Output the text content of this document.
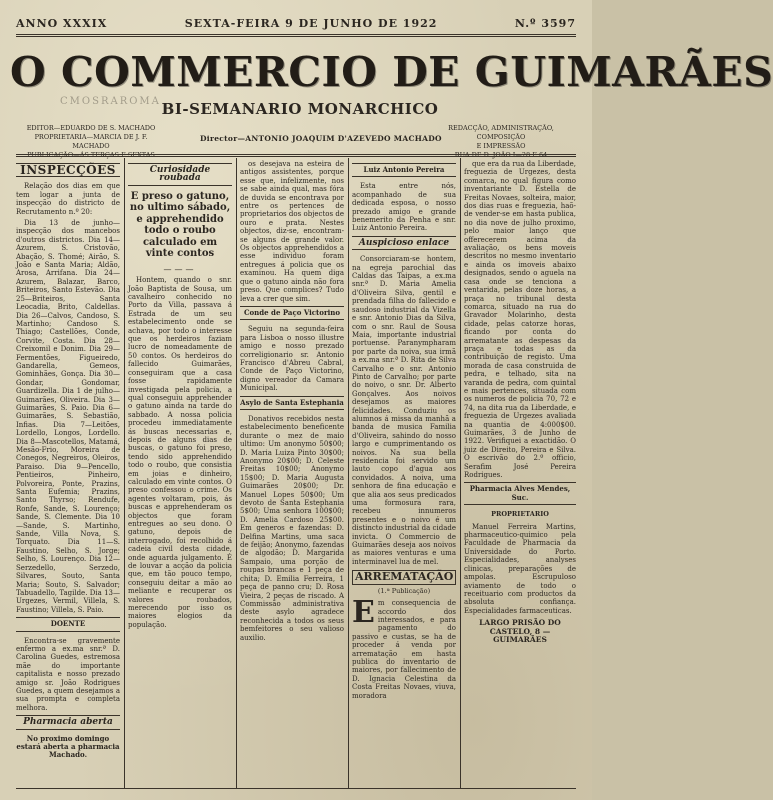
ANNO XXXIX	SEXTA-FEIRA 9 DE JUNHO DE 1922	N.º 3597
O COMMERCIO DE GUIMARÃES
CMOSRAROMA BI-SEMANARIO MONARCHICO
EDITOR—EDUARDO DE S. MACHADO
PROPRIETARIA—MARCIA DE J. F. MACHADO
PUBLICAÇÃO—ÁS TERÇAS E SEXTAS
Director—ANTONIO JOAQUIM D'AZEVEDO MACHADO
REDACÇÃO, ADMINISTRAÇÃO, COMPOSIÇÃO
E IMPRESSÃO
RUA DE D. JOÃO I—28 E 64
INSPECÇÕES

Relação dos dias em que tem logar a junta de inspecção do districto de Recrutamento n.º 20:

Dia 13 de junho—inspecção dos mancebos d'outros districtos. Dia 14—Azurem, S. Cristovão, Abação, S. Thomé; Airão, S. João e Santa Maria; Aldão, Arosa, Arrifana. Dia 24—Azurem, Balazar, Barco, Briteiros, Santo Estevão. Dia 25—Briteiros, Santa Leocadia, Brito, Caldellas. Dia 26—Calvos, Candoso, S. Martinho; Candoso S. Thiago; Castellões, Conde, Corvite, Costa. Dia 28—Creixomil e Donim. Dia 29—Fermentões, Figueiredo, Gandarella, Gemeos, Gominhães, Gonça. Dia 30—Gondar, Gondomar, Guardizella. Dia 1 de julho—Guimarães, Oliveira. Dia 3—Guimarães, S. Paio. Dia 6—Guimarães, S. Sebastião, Infias. Dia 7—Leitões, Lordello, Longos, Lordello. Dia 8—Mascotellos, Matamá, Mesão-Frio, Moreira de Conegos, Negreiros, Oleiros, Paraiso. Dia 9—Pencello, Pentieiros, Pinheiro, Polvoreira, Ponte, Prazins, Santa Eufemia; Prazins, Santo Thyrso; Rendufe, Ronfe, Sande, S. Lourenço; Sande, S. Clemente. Dia 10—Sande, S. Martinho, Sande, Villa Nova, S. Torquato. Dia 11—S. Faustino, Selho, S. Jorge; Selho, S. Lourenço. Dia 12—Serzedello, Serzedo, Silvares, Souto, Santa Maria; Souto, S. Salvador; Tabuadello, Tagilde. Dia 13—Urgezes, Vermil, Villela, S. Faustino; Villela, S. Paio.

DOENTE

Encontra-se gravemente enfermo a ex.ma snr.ª D. Carolina Guedes, estremosa mãe do importante capitalista e nosso prezado amigo sr. João Rodrigues Guedes, a quem desejamos a sua prompta e completa melhora.

Pharmacia aberta

No proximo domingo estará aberta a pharmacia Machado.

Curiosidade roubada
E preso o gatuno, no ultimo sábado, e apprehendido todo o roubo calculado em vinte contos
———

Hontem, quando o snr. João Baptista de Sousa, um cavalheiro conhecido no Porto da Villa, passava á Estrada de um seu estabelecimento onde se achava, por todo o interesse que os herdeiros faziam lucro de nomeadamente de 50 contos. Os herdeiros do fallecido Guimarães, conseguiram que a casa fosse rapidamente investigada pela policia, a qual conseguiu apprehender o gatuno ainda na tarde do sabbado. A nossa policia procedeu immediatamente ás buscas necessarias e, depois de alguns dias de buscas, o gatuno foi preso, tendo sido apprehendido todo o roubo, que consistia em joias e dinheiro, calculado em vinte contos. O preso confessou o crime. Os agentes voltaram, pois, ás buscas e apprehenderam os objectos que foram entregues ao seu dono. O gatuno, depois de interrogado, foi recolhido á cadeia civil desta cidade, onde aguarda julgamento. É de louvar a acção da policia que, em tão pouco tempo, conseguiu deitar a mão ao meliante e recuperar os valores roubados, merecendo por isso os maiores elogios da população.

os desejava na esteira de antigos assistentes, porque esse que, infelizmente, nos se sabe ainda qual, mas fóra de duvida se encontrava por entre os pertences de proprietarios dos objectos de ouro e prata. Nestes objectos, diz-se, encontram-se alguns de grande valor. Os objectos apprehendidos a esse individuo foram entregues á policia que os examinou. Ha quem diga que o gatuno ainda não fora preso. Que complices? Tudo leva a crer que sim.

Conde de Paço Victorino

Seguiu na segunda-feira para Lisboa o nosso illustre amigo e nosso prezado correligionario sr. Antonio Francisco d'Abreu Cabral, Conde de Paço Victorino, digno vereador da Camara Municipal.

Asylo de Santa Estephania

Donativos recebidos nesta estabelecimento beneficente durante o mez de maio ultimo: Um anonymo 50$00; D. Maria Luiza Pinto 30$00; Anonymo 20$00; D. Celeste Freitas 10$00; Anonymo 15$00; D. Maria Augusta Guimarães 20$00; Dr. Manuel Lopes 50$00; Um devoto de Santa Estephania 5$00; Uma senhora 100$00; D. Amelia Cardoso 25$00. Em generos e fazendas: D. Delfina Martins, uma saca de feijão; Anonymo, fazendas de algodão; D. Margarida Sampaio, uma porção de roupas brancas e 1 peça de chita; D. Emilia Ferreira, 1 peça de panno cru; D. Rosa Vieira, 2 peças de riscado. A Commissão administrativa deste asylo agradece reconhecida a todos os seus bemfeitores o seu valioso auxilio.

Luiz Antonio Pereira

Esta entre nós, acompanhado de sua dedicada esposa, o nosso prezado amigo e grande benemerito da Penha e snr. Luiz Antonio Pereira.

Auspicioso enlace

Consorciaram-se hontem, na egreja parochial das Caldas das Taipas, a ex.ma snr.ª D. Maria Amelia d'Oliveira Silva, gentil e prendada filha do fallecido e saudoso industrial da Vizella e snr. Antonio Dias da Silva, com o snr. Raul de Sousa Maia, importante industrial portuense. Paranympharam por parte da noiva, sua irmã a ex.ma snr.ª D. Rita de Silva Carvalho e o snr. Antonio Pinto de Carvalho; por parte do noivo, o snr. Dr. Alberto Gonçalves. Aos noivos desejamos as maiores felicidades. Conduziu os alumnos á missa da manhã a banda de musica Familia d'Oliveira, sahindo do nosso largo e cumprimentando os noivos. Na sua bella residencia foi servido um lauto copo d'agua aos convidados. A noiva, uma senhora de fina educação e que alia aos seus predicados uma formosura rara, recebeu innumeros presentes e o noivo é um distincto industrial da cidade invicta. O Commercio de Guimarães deseja aos noivos as maiores venturas e uma interminavel lua de mel.

ARREMATAÇÃO
(1.ª Publicação)

Em consequencia de accordo dos interessados, e para pagamento do passivo e custas, se ha de proceder á venda por arrematação em hasta publica do inventario de maiores, por fallecimento de D. Ignacia Celestina da Costa Freitas Novaes, viuva, moradora

que era da rua da Liberdade, freguezia de Urgezes, desta comarca, no qual figura como inventariante D. Estella de Freitas Novaes, solteira, maior, dos dias ruas e freguezia, haõ-de vender-se em hasta publica, no dia nove de julho proximo, pelo maior lanço que offerecerem acima da avaliação, os bens moveis descritos no mesmo inventario e ainda os imoveis abaixo designados, sendo o aguela na casa onde se tenciona a ventarida, pelas doze horas, a praça no tribunal desta comarca, situado na rua do Gravador Molarinho, desta cidade, pelas catorze horas, ficando por conta do arrematante as despesas da praça e todas as da contribuição de registo. Uma morada de casa construida de pedra, e telhado, sita na varanda de pedra, com quintal e mais pertences, situada com os numeros de policia 70, 72 e 74, na dita rua da Liberdade, e freguezia de Urgezes avaliada na quantia de 4:000$00. Guimarães, 3 de Junho de 1922. Verifiquei a exactidão. O juiz de Direito, Pereira e Silva. O escrivão do 2.º officio, Serafim José Pereira Rodrigues.

Pharmacia Alves Mendes, Suc.
PROPRIETARIO

Manuel Ferreira Martins, pharmaceutico-quimico pela Faculdade de Pharmacia da Universidade do Porto. Especialidades, analyses clinicas, preparações de ampolas. Escrupuloso aviamento de todo o receituario com productos da absoluta confiança. Especialidades farmaceuticas.

LARGO PRISÃO DO CASTELO, 8 — GUIMARÃES
